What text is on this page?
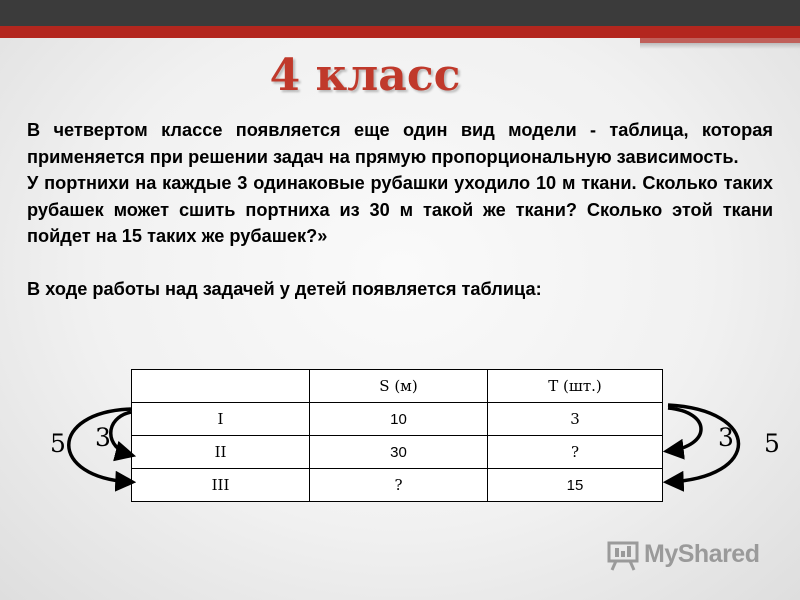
4 класс

В четвертом классе появляется еще один вид модели - таблица, которая применяется при решении задач на прямую пропорциональную зависимость.

У портнихи на каждые 3 одинаковые рубашки уходило 10 м ткани. Сколько таких рубашек может сшить портниха из 30 м такой же ткани? Сколько этой ткани пойдет на 15 таких же рубашек?»

В ходе работы над задачей у детей появляется таблица:

	S (м)	T (шт.)
I	10	3
II	30	?
III	?	15
5 3	3 5
MyShared
